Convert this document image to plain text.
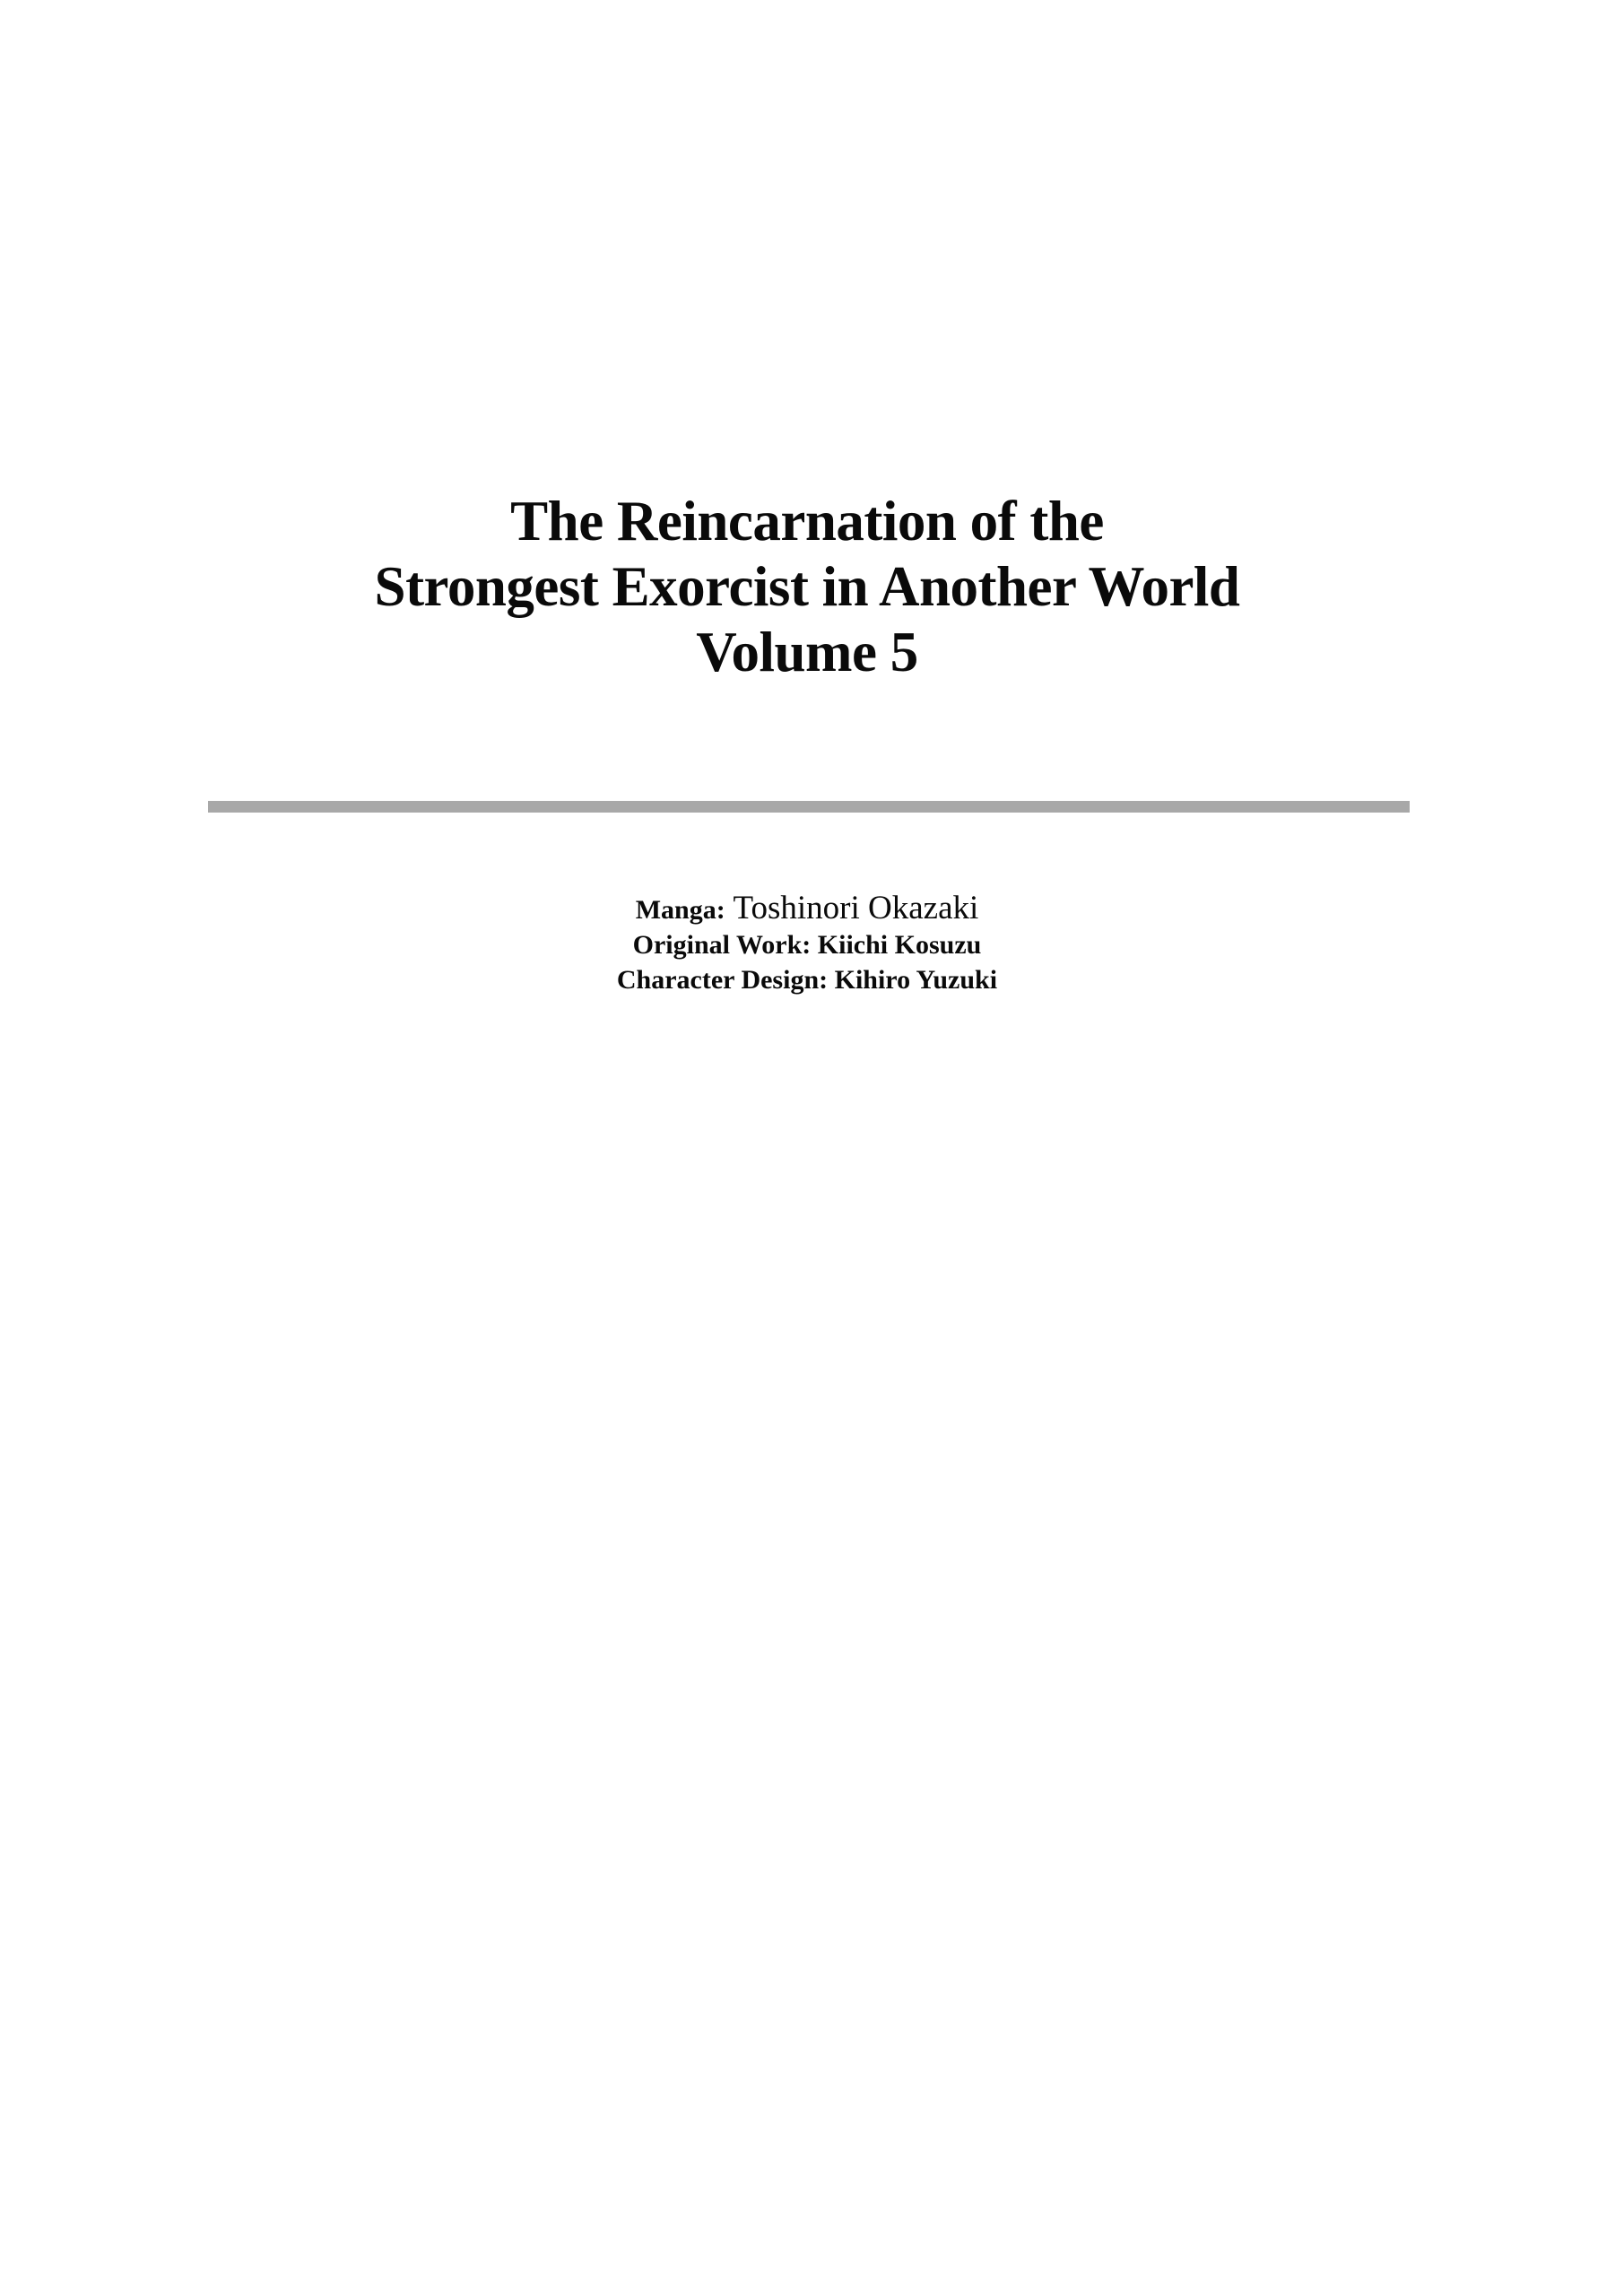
The Reincarnation of the
Strongest Exorcist in Another World
Volume 5
Manga: Toshinori Okazaki
Original Work: Kiichi Kosuzu
Character Design: Kihiro Yuzuki
